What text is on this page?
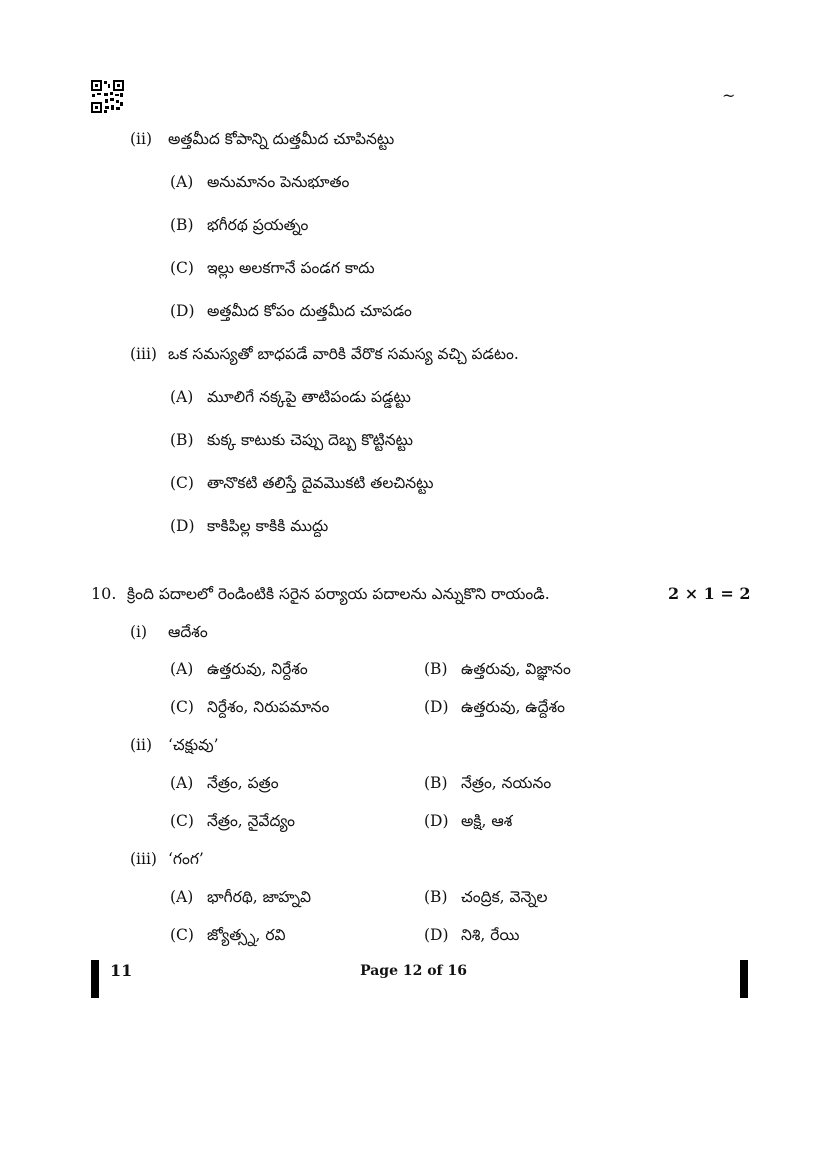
~
(ii) అత్తమీద కోపాన్ని దుత్తమీద చూపినట్టు
(A) అనుమానం పెనుభూతం
(B) భగీరథ ప్రయత్నం
(C) ఇల్లు అలకగానే పండగ కాదు
(D) అత్తమీద కోపం దుత్తమీద చూపడం
(iii) ఒక సమస్యతో బాధపడే వారికి వేరొక సమస్య వచ్చి పడటం.
(A) మూలిగే నక్కపై తాటిపండు పడ్డట్టు
(B) కుక్క కాటుకు చెప్పు దెబ్బ కొట్టినట్టు
(C) తానొకటి తలిస్తే దైవమొకటి తలచినట్టు
(D) కాకిపిల్ల కాకికి ముద్దు
10. క్రింది పదాలలో రెండింటికి సరైన పర్యాయ పదాలను ఎన్నుకొని రాయండి.	2 × 1 = 2
(i) ఆదేశం
(A) ఉత్తరువు, నిర్దేశం	(B) ఉత్తరువు, విజ్ఞానం
(C) నిర్దేశం, నిరుపమానం	(D) ఉత్తరువు, ఉద్దేశం
(ii) ‘చక్షువు’
(A) నేత్రం, పత్రం	(B) నేత్రం, నయనం
(C) నేత్రం, నైవేద్యం	(D) అక్షి, ఆశ
(iii) ‘గంగ’
(A) భాగీరథి, జాహ్నవి	(B) చంద్రిక, వెన్నెల
(C) జ్యోత్స్న, రవి	(D) నిశి, రేయి
11	Page 12 of 16
